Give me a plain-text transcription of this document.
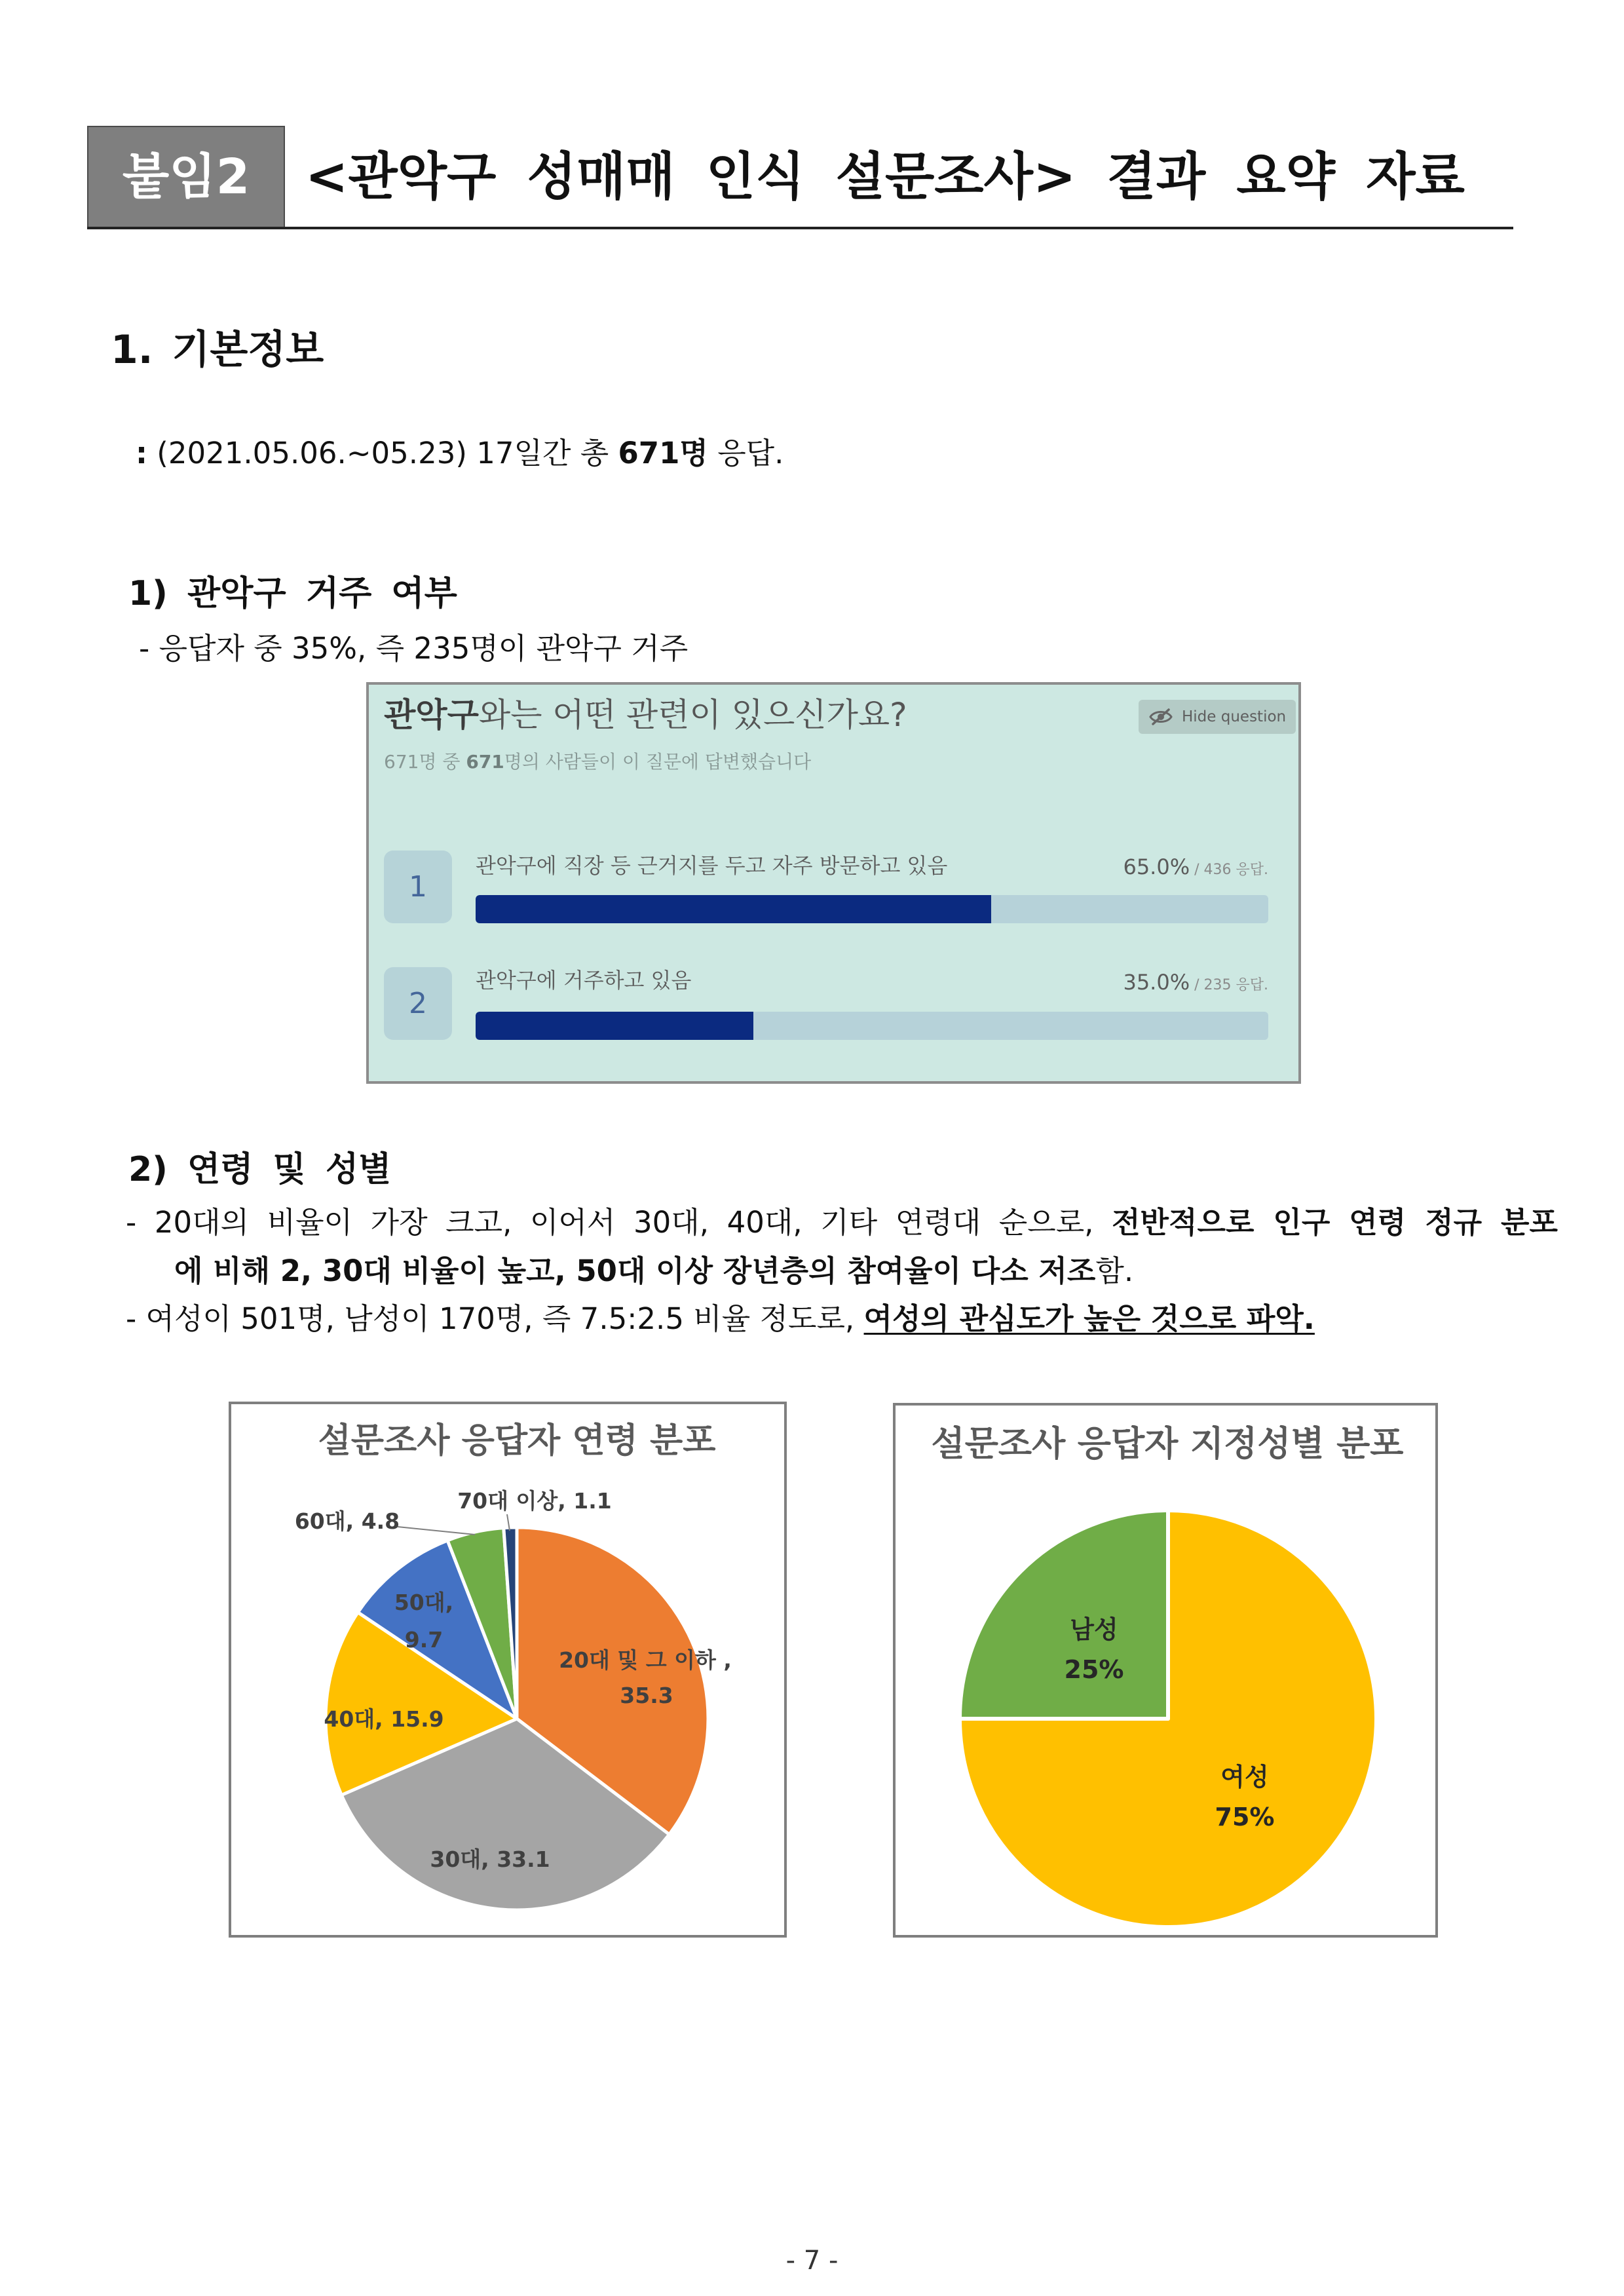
붙임2	<관악구 성매매 인식 설문조사> 결과 요약 자료
1. 기본정보
: (2021.05.06.~05.23) 17일간 총 671명 응답.
1) 관악구 거주 여부
- 응답자 중 35%, 즉 235명이 관악구 거주
관악구와는 어떤 관련이 있으신가요?	Hide question
671명 중 671명의 사람들이 이 질문에 답변했습니다
1
관악구에 직장 등 근거지를 두고 자주 방문하고 있음	65.0% / 436 응답.
2
관악구에 거주하고 있음	35.0% / 235 응답.
2) 연령 및 성별
- 20대의 비율이 가장 크고, 이어서 30대, 40대, 기타 연령대 순으로, 전반적으로 인구 연령 정규 분포
에 비해 2, 30대 비율이 높고, 50대 이상 장년층의 참여율이 다소 저조함.
- 여성이 501명, 남성이 170명, 즉 7.5:2.5 비율 정도로, 여성의 관심도가 높은 것으로 파악.
설문조사 응답자 연령 분포
20대 및 그 이하 , 35.3
30대, 33.1
40대, 15.9
50대, 9.7
60대, 4.8
70대 이상, 1.1
설문조사 응답자 지정성별 분포
여성
75%
남성
25%
- 7 -
